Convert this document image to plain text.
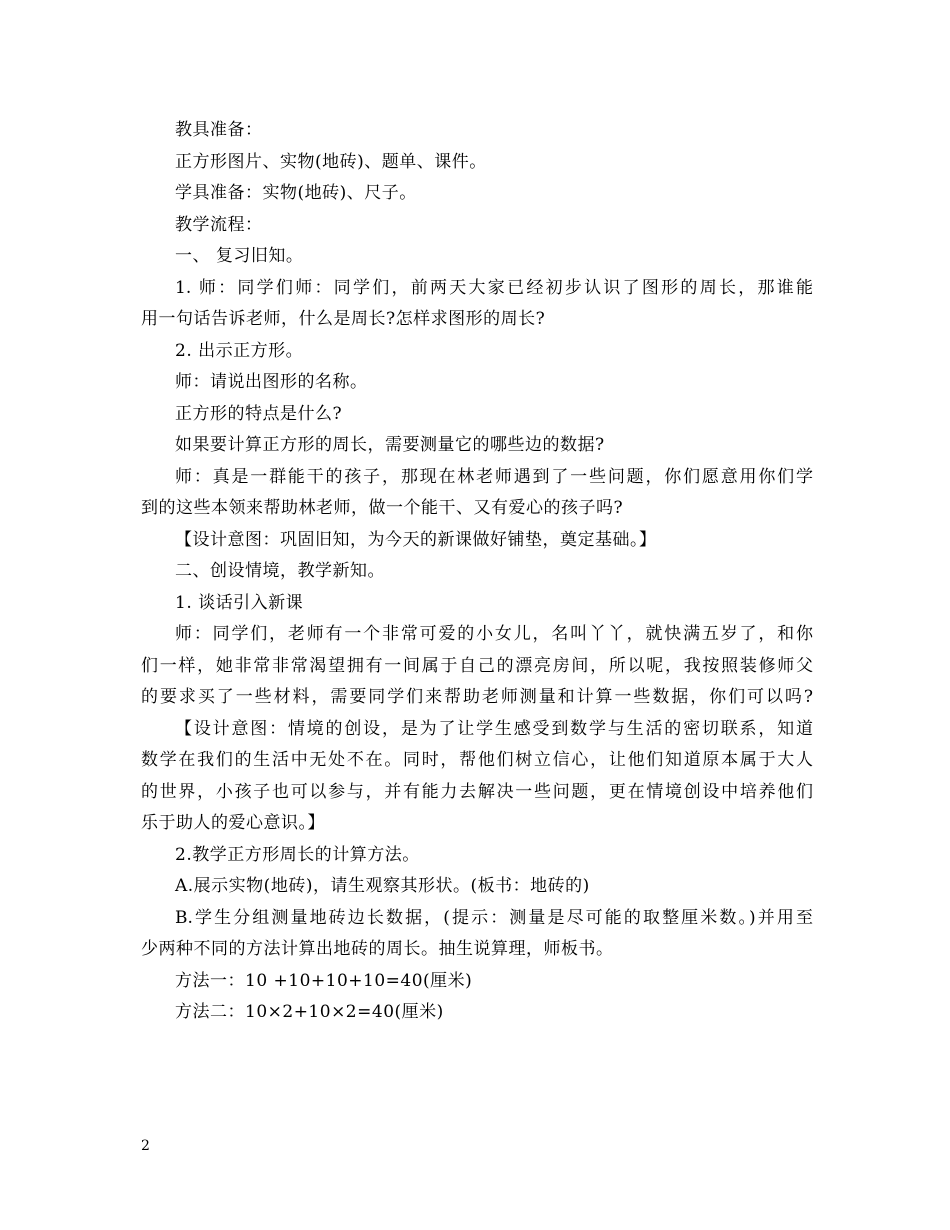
教具准备：
正方形图片、实物(地砖)、题单、课件。
学具准备：实物(地砖)、尺子。
教学流程：
一、 复习旧知。
1. 师：同学们师：同学们，前两天大家已经初步认识了图形的周长，那谁能
用一句话告诉老师，什么是周长?怎样求图形的周长?
2. 出示正方形。
师：请说出图形的名称。
正方形的特点是什么?
如果要计算正方形的周长，需要测量它的哪些边的数据?
师：真是一群能干的孩子，那现在林老师遇到了一些问题，你们愿意用你们学
到的这些本领来帮助林老师，做一个能干、又有爱心的孩子吗?
【设计意图：巩固旧知，为今天的新课做好铺垫，奠定基础。】
二、创设情境，教学新知。
1. 谈话引入新课
师：同学们，老师有一个非常可爱的小女儿，名叫丫丫，就快满五岁了，和你
们一样，她非常非常渴望拥有一间属于自己的漂亮房间，所以呢，我按照装修师父
的要求买了一些材料，需要同学们来帮助老师测量和计算一些数据，你们可以吗?
【设计意图：情境的创设，是为了让学生感受到数学与生活的密切联系，知道
数学在我们的生活中无处不在。同时，帮他们树立信心，让他们知道原本属于大人
的世界，小孩子也可以参与，并有能力去解决一些问题，更在情境创设中培养他们
乐于助人的爱心意识。】
2.教学正方形周长的计算方法。
A.展示实物(地砖)，请生观察其形状。(板书：地砖的)
B.学生分组测量地砖边长数据，(提示：测量是尽可能的取整厘米数。)并用至
少两种不同的方法计算出地砖的周长。抽生说算理，师板书。
方法一：10 +10+10+10=40(厘米)
方法二：10×2+10×2=40(厘米)
2
